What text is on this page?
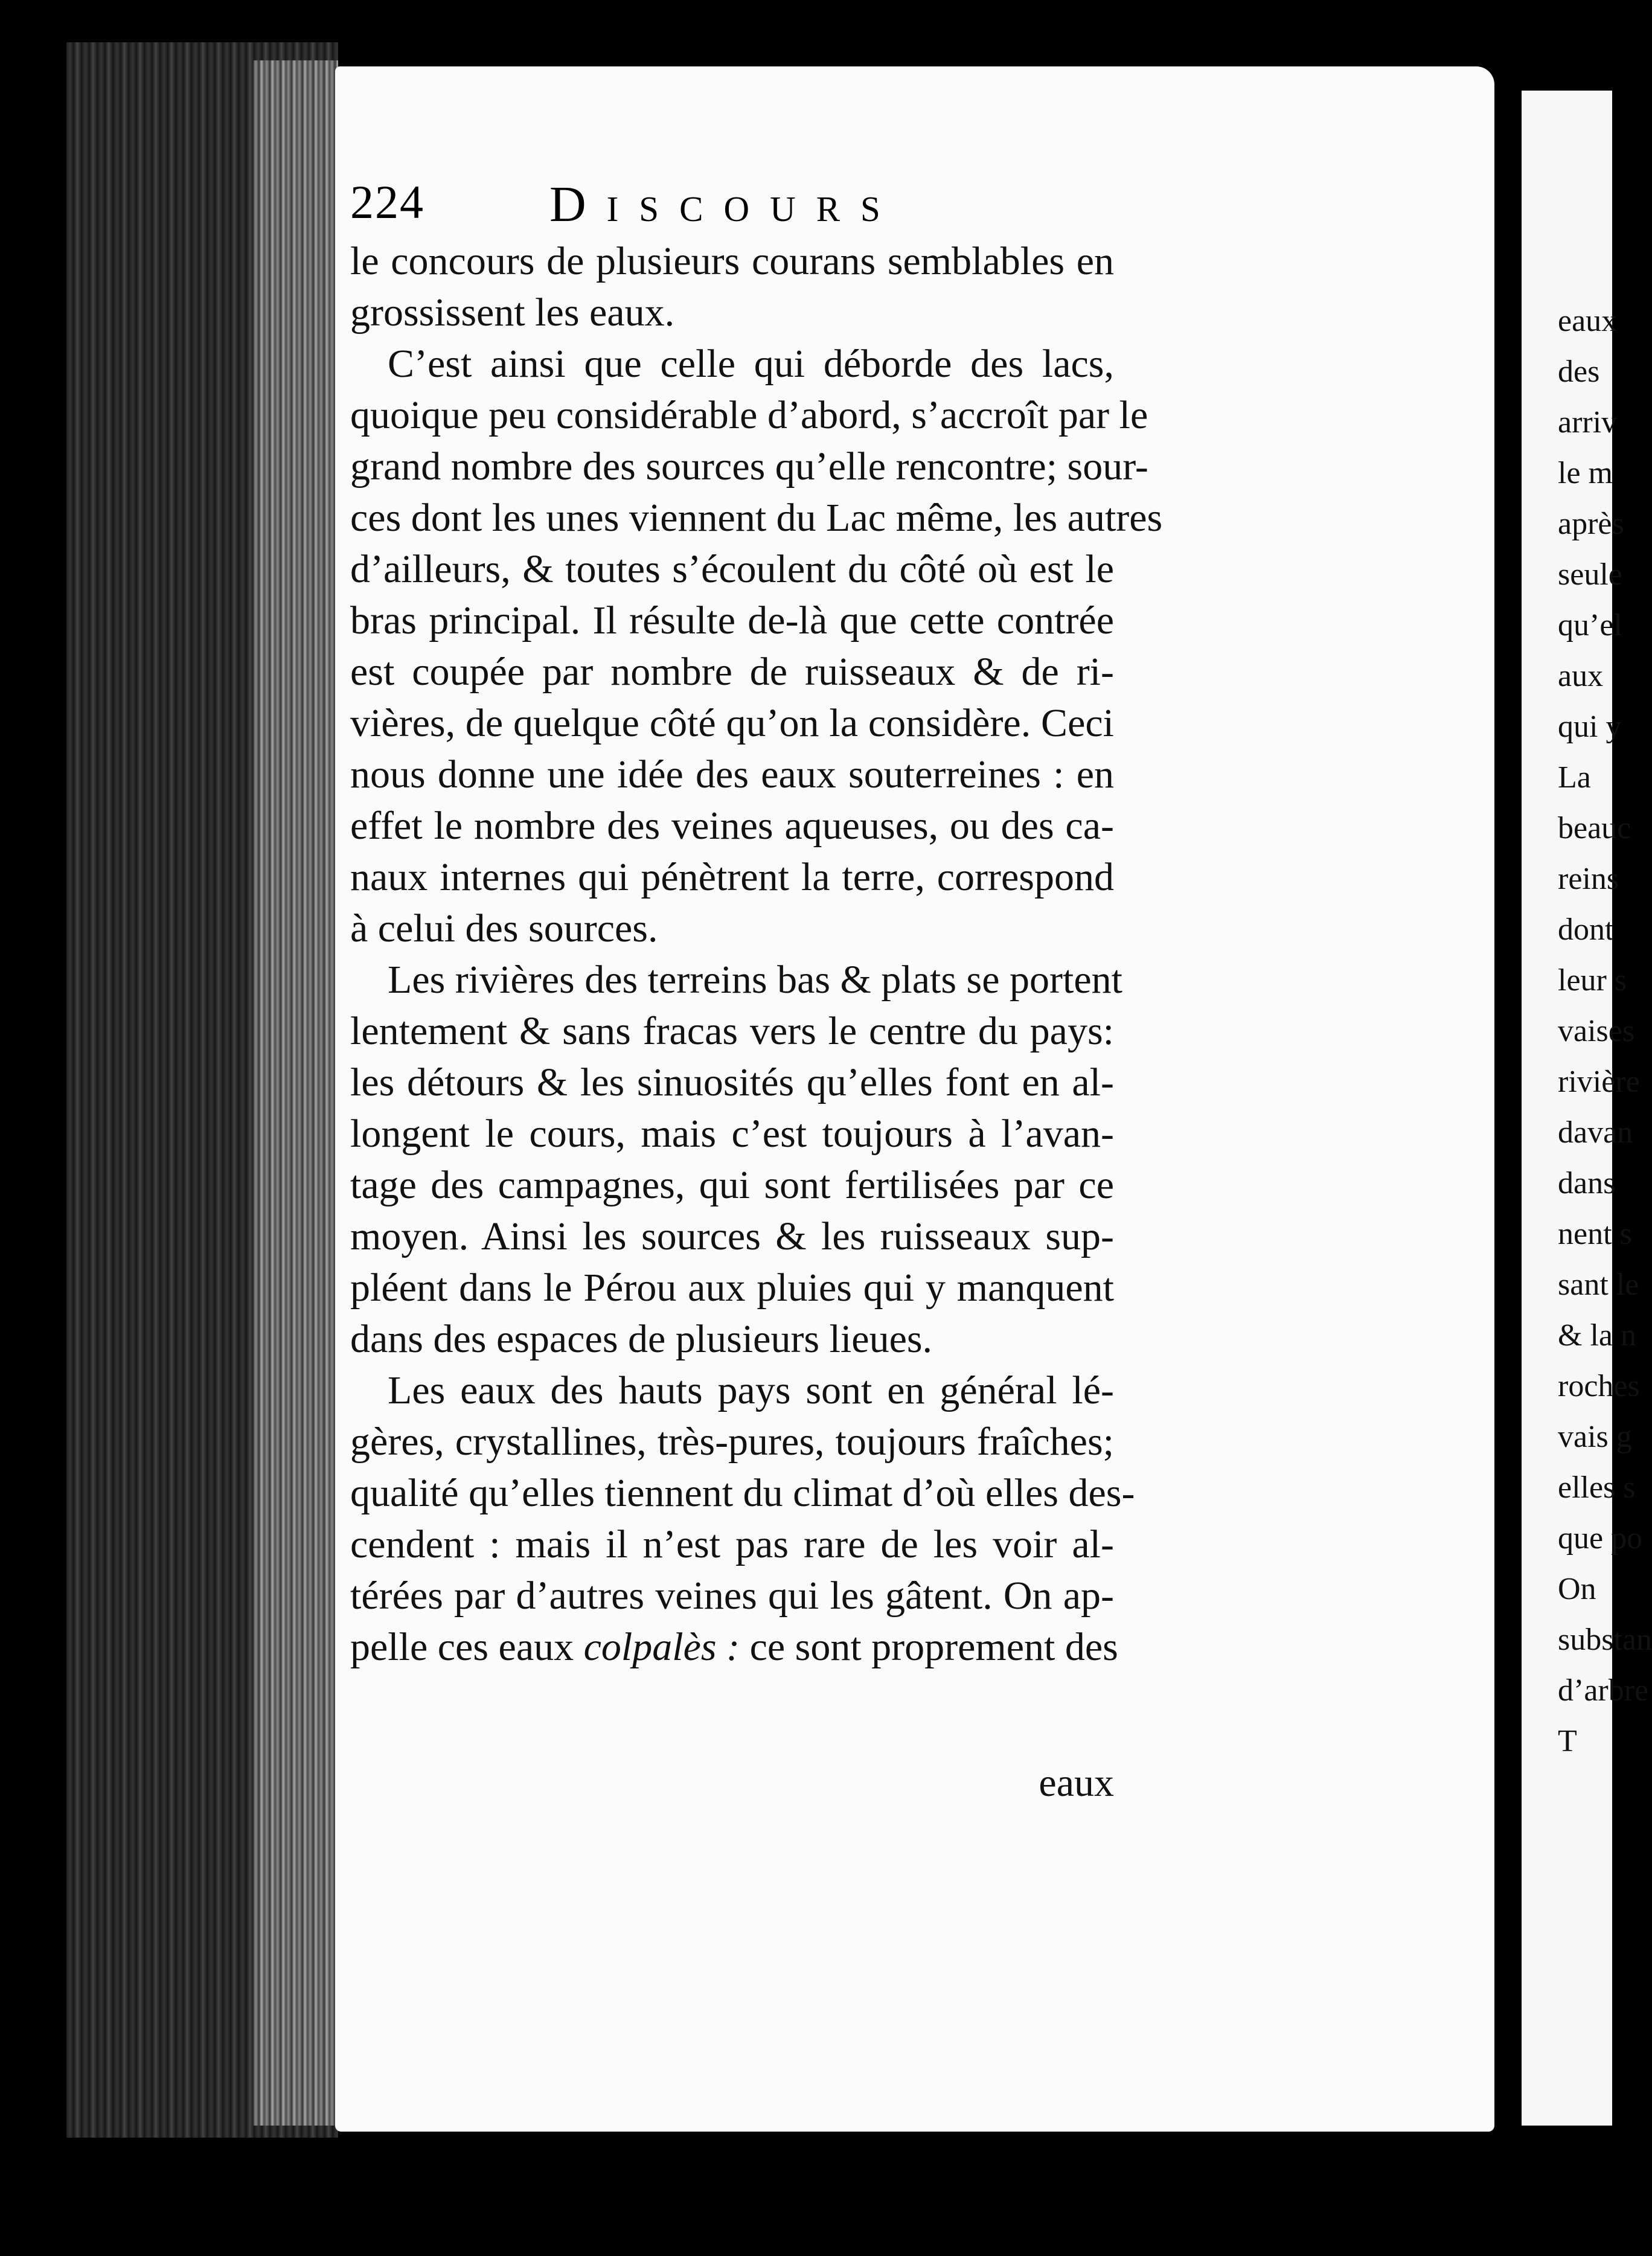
224 Discours
le concours de plusieurs courans semblables en
grossissent les eaux.
C’est ainsi que celle qui déborde des lacs,
quoique peu considérable d’abord, s’accroît par le
grand nombre des sources qu’elle rencontre; sour-
ces dont les unes viennent du Lac même, les autres
d’ailleurs, & toutes s’écoulent du côté où est le
bras principal. Il résulte de-là que cette contrée
est coupée par nombre de ruisseaux & de ri-
vières, de quelque côté qu’on la considère. Ceci
nous donne une idée des eaux souterreines : en
effet le nombre des veines aqueuses, ou des ca-
naux internes qui pénètrent la terre, correspond
à celui des sources.
Les rivières des terreins bas & plats se portent
lentement & sans fracas vers le centre du pays:
les détours & les sinuosités qu’elles font en al-
longent le cours, mais c’est toujours à l’avan-
tage des campagnes, qui sont fertilisées par ce
moyen. Ainsi les sources & les ruisseaux sup-
pléent dans le Pérou aux pluies qui y manquent
dans des espaces de plusieurs lieues.
Les eaux des hauts pays sont en général lé-
gères, crystallines, très-pures, toujours fraîches;
qualité qu’elles tiennent du climat d’où elles des-
cendent : mais il n’est pas rare de les voir al-
térées par d’autres veines qui les gâtent. On ap-
pelle ces eaux colpalès : ce sont proprement des
eaux
eaux
des
arriv
le m
après
seule
qu’el
aux
qui y
La
beauc
reins
dont
leur s
vaises
rivière
davan
dans
nent s
sant le
& la n
roches
vais g
elles s
que po
On
substan
d’arbre
T
